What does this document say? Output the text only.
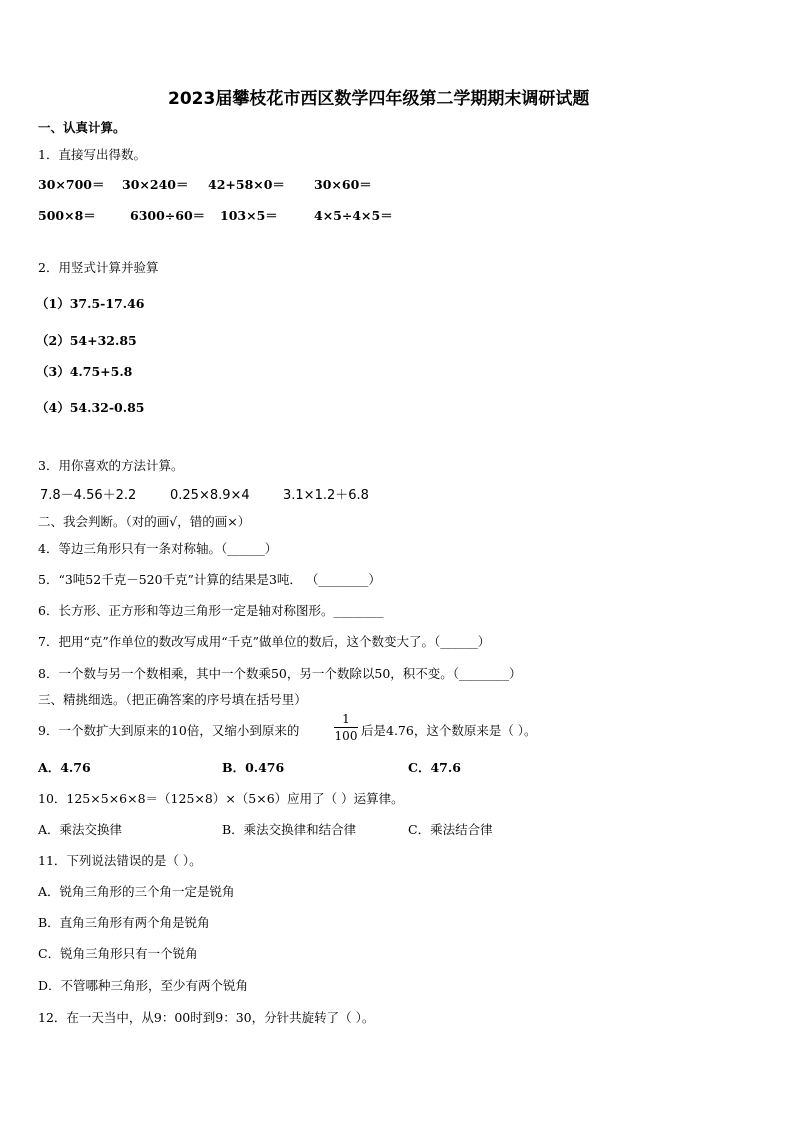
2023届攀枝花市西区数学四年级第二学期期末调研试题
一、认真计算。
1．直接写出得数。
30×700＝ 30×240＝ 42+58×0＝ 30×60＝
500×8＝	6300÷60＝ 103×5＝	4×5÷4×5＝
2．用竖式计算并验算
（1）37.5-17.46
（2）54+32.85
（3）4.75+5.8
（4）54.32-0.85
3．用你喜欢的方法计算。
7.8－4.56＋2.2	0.25×8.9×4	3.1×1.2＋6.8
二、我会判断。（对的画√，错的画×）
4．等边三角形只有一条对称轴。（______）
5．“3吨52千克－520千克”计算的结果是3吨． （________）
6．长方形、正方形和等边三角形一定是轴对称图形。________
7．把用“克”作单位的数改写成用“千克”做单位的数后，这个数变大了。（______）
8．一个数与另一个数相乘，其中一个数乘50，另一个数除以50，积不变。（________）
三、精挑细选。（把正确答案的序号填在括号里）
9．一个数扩大到原来的10倍，又缩小到原来的
1
100 后是4.76，这个数原来是（ ）。
A．4.76	B．0.476	C．47.6
10．125×5×6×8＝（125×8）×（5×6）应用了（ ）运算律。
A．乘法交换律	B．乘法交换律和结合律	C．乘法结合律
11．下列说法错误的是（ ）。
A．锐角三角形的三个角一定是锐角
B．直角三角形有两个角是锐角
C．锐角三角形只有一个锐角
D．不管哪种三角形，至少有两个锐角
12．在一天当中，从9：00时到9：30，分针共旋转了（ ）。
